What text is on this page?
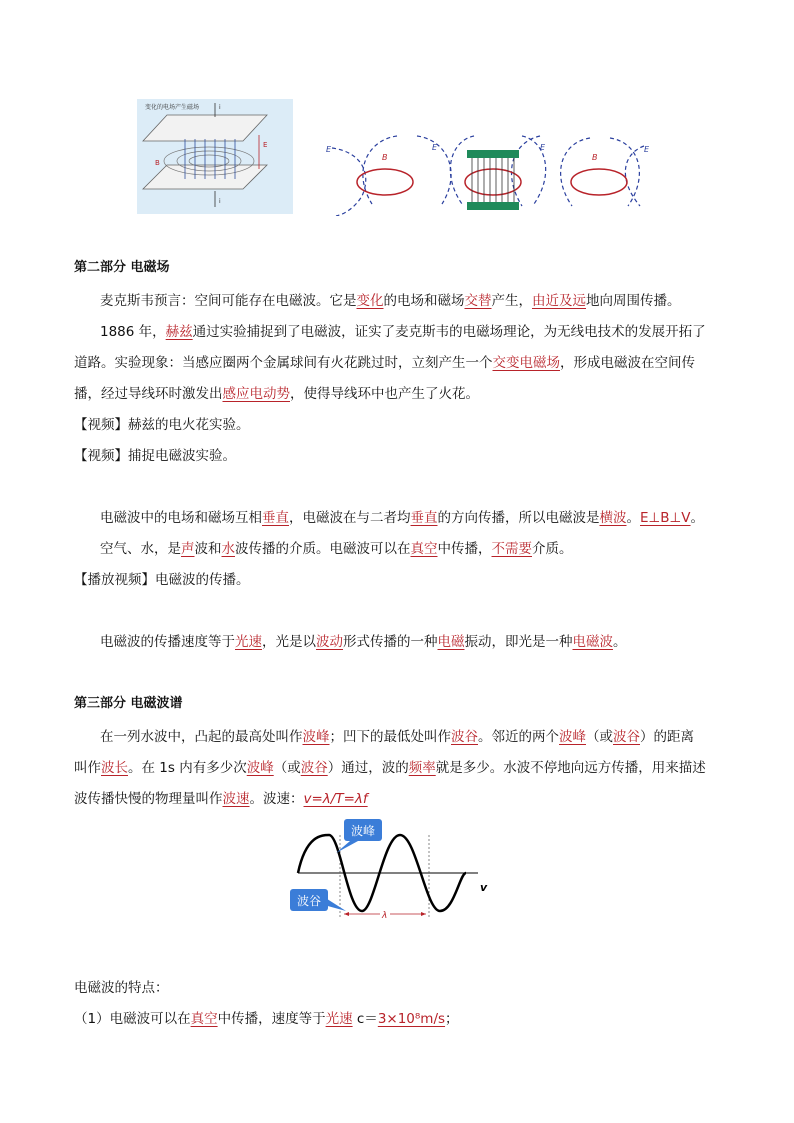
变化的电场产生磁场	i
i
E
B
E
B
E	E
B
E
第二部分 电磁场
麦克斯韦预言：空间可能存在电磁波。它是变化的电场和磁场交替产生，由近及远地向周围传播。
1886 年，赫兹通过实验捕捉到了电磁波，证实了麦克斯韦的电磁场理论，为无线电技术的发展开拓了
道路。实验现象：当感应圈两个金属球间有火花跳过时，立刻产生一个交变电磁场，形成电磁波在空间传
播，经过导线环时激发出感应电动势，使得导线环中也产生了火花。
【视频】赫兹的电火花实验。
【视频】捕捉电磁波实验。
电磁波中的电场和磁场互相垂直，电磁波在与二者均垂直的方向传播，所以电磁波是横波。E⊥B⊥V。
空气、水，是声波和水波传播的介质。电磁波可以在真空中传播，不需要介质。
【播放视频】电磁波的传播。
电磁波的传播速度等于光速，光是以波动形式传播的一种电磁振动，即光是一种电磁波。
第三部分 电磁波谱
在一列水波中，凸起的最高处叫作波峰；凹下的最低处叫作波谷。邻近的两个波峰（或波谷）的距离
叫作波长。在 1s 内有多少次波峰（或波谷）通过，波的频率就是多少。水波不停地向远方传播，用来描述
波传播快慢的物理量叫作波速。波速：v=λ/T=λf
v
λ
波峰
波谷
电磁波的特点：
（1）电磁波可以在真空中传播，速度等于光速 c＝3×10⁸m/s；
